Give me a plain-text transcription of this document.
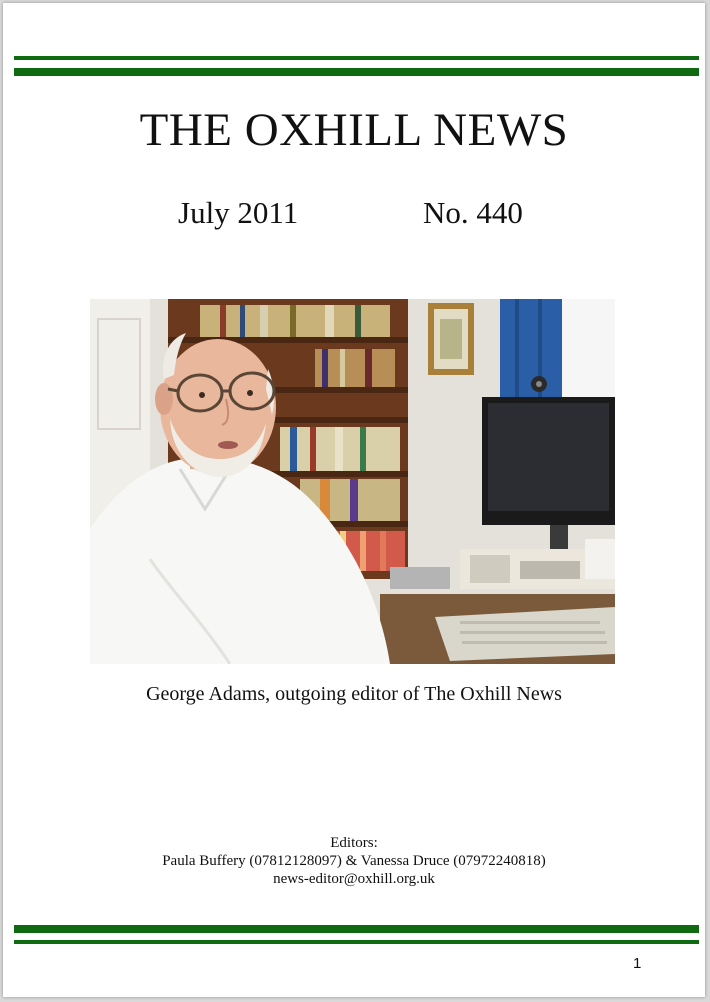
THE OXHILL NEWS
July 2011	No. 440
George Adams, outgoing editor of The Oxhill News
Editors:
Paula Buffery (07812128097) & Vanessa Druce (07972240818)
news-editor@oxhill.org.uk
1
